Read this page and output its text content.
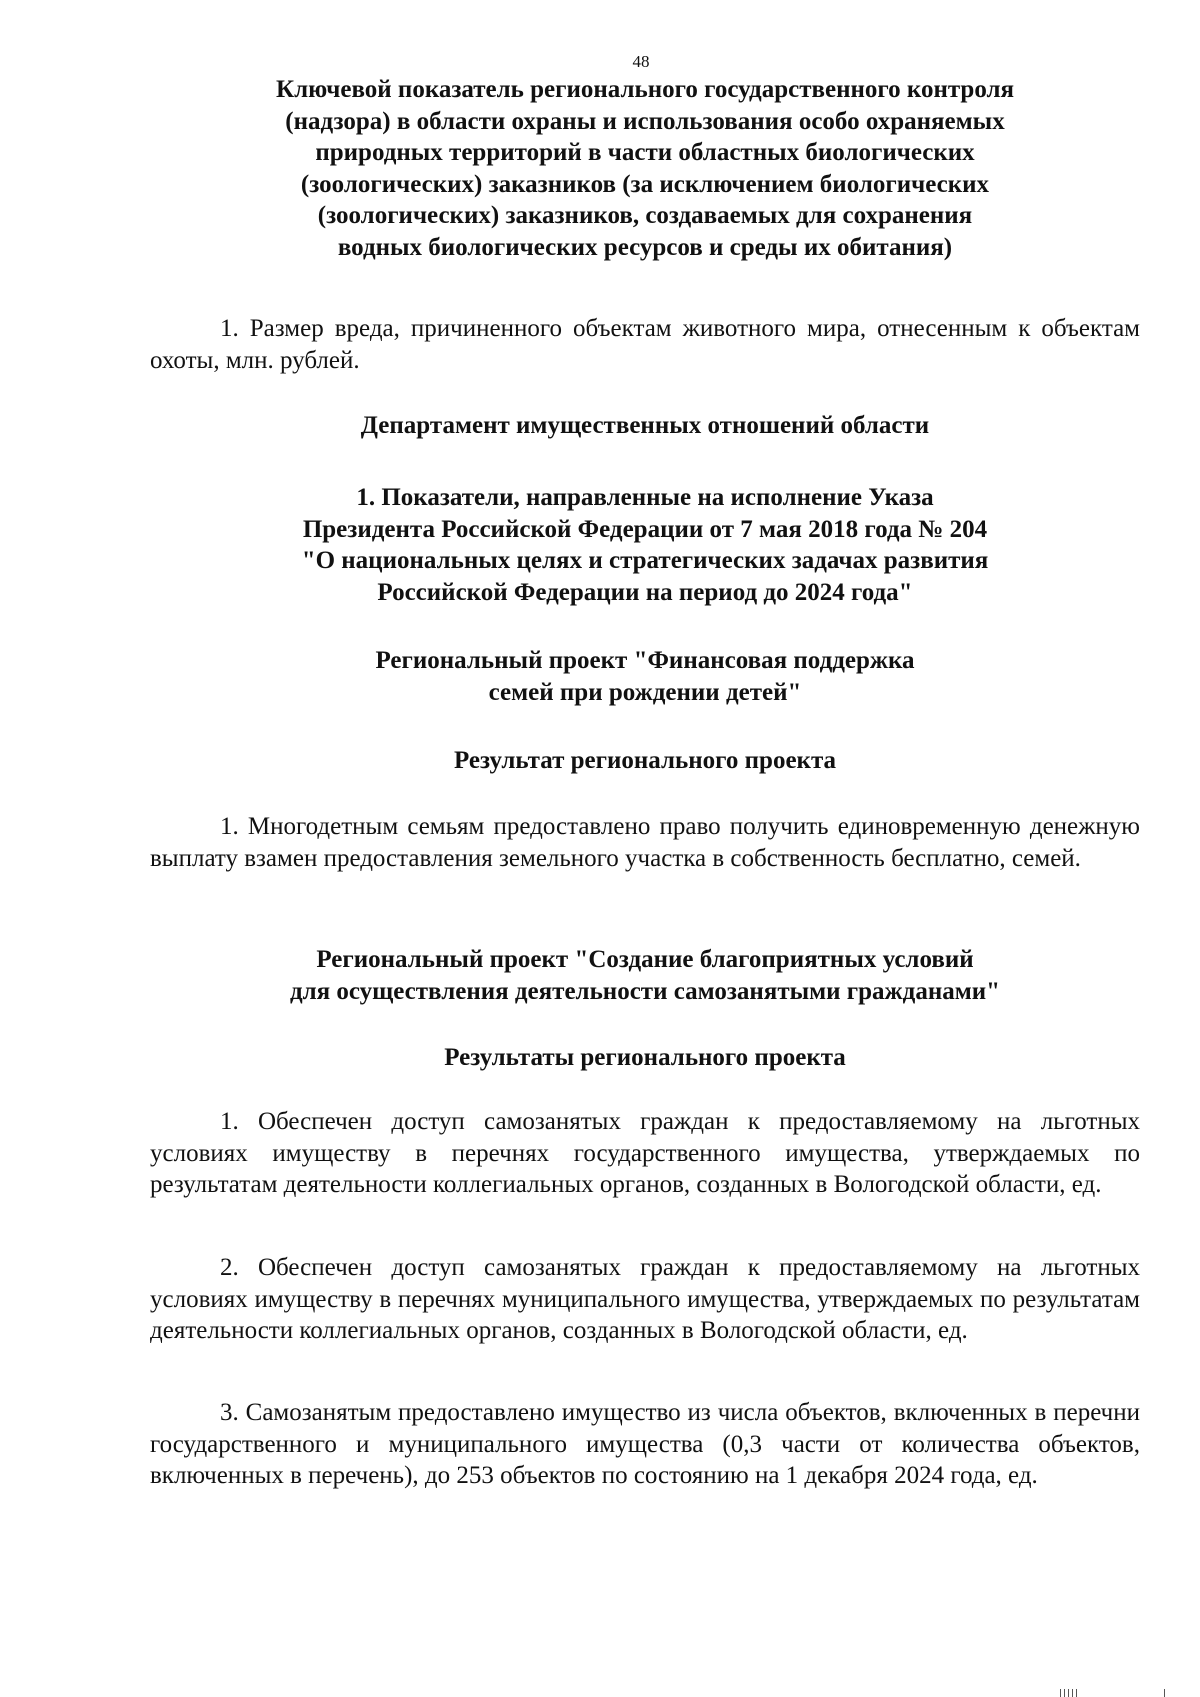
48
Ключевой показатель регионального государственного контроля
(надзора) в области охраны и использования особо охраняемых
природных территорий в части областных биологических
(зоологических) заказников (за исключением биологических
(зоологических) заказников, создаваемых для сохранения
водных биологических ресурсов и среды их обитания)
1. Размер вреда, причиненного объектам животного мира, отнесенным к объектам охоты, млн. рублей.
Департамент имущественных отношений области
1. Показатели, направленные на исполнение Указа
Президента Российской Федерации от 7 мая 2018 года № 204
"О национальных целях и стратегических задачах развития
Российской Федерации на период до 2024 года"
Региональный проект "Финансовая поддержка
семей при рождении детей"
Результат регионального проекта
1. Многодетным семьям предоставлено право получить единовременную денежную выплату взамен предоставления земельного участка в собственность бесплатно, семей.
Региональный проект "Создание благоприятных условий
для осуществления деятельности самозанятыми гражданами"
Результаты регионального проекта
1. Обеспечен доступ самозанятых граждан к предоставляемому на льготных условиях имуществу в перечнях государственного имущества, утверждаемых по результатам деятельности коллегиальных органов, созданных в Вологодской области, ед.
2. Обеспечен доступ самозанятых граждан к предоставляемому на льготных условиях имуществу в перечнях муниципального имущества, утверждаемых по результатам деятельности коллегиальных органов, созданных в Вологодской области, ед.
3. Самозанятым предоставлено имущество из числа объектов, включенных в перечни государственного и муниципального имущества (0,3 части от количества объектов, включенных в перечень), до 253 объектов по состоянию на 1 декабря 2024 года, ед.
